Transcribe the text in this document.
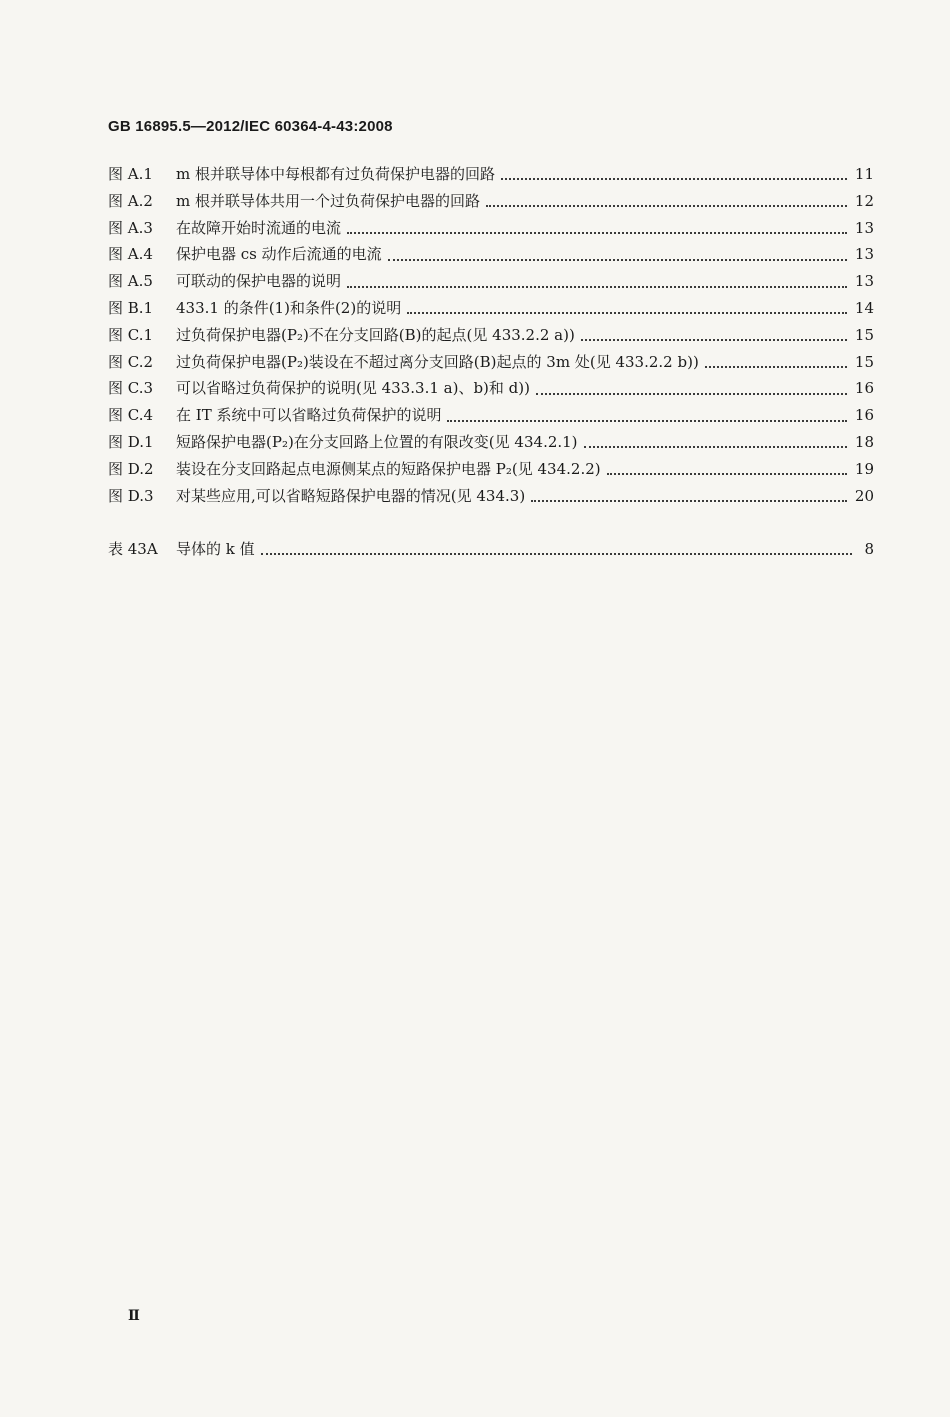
GB 16895.5—2012/IEC 60364-4-43:2008
图 A.1	m 根并联导体中每根都有过负荷保护电器的回路	11
图 A.2	m 根并联导体共用一个过负荷保护电器的回路	12
图 A.3	在故障开始时流通的电流	13
图 A.4	保护电器 cs 动作后流通的电流	13
图 A.5	可联动的保护电器的说明	13
图 B.1	433.1 的条件(1)和条件(2)的说明	14
图 C.1	过负荷保护电器(P₂)不在分支回路(B)的起点(见 433.2.2 a))	15
图 C.2	过负荷保护电器(P₂)装设在不超过离分支回路(B)起点的 3m 处(见 433.2.2 b))	15
图 C.3	可以省略过负荷保护的说明(见 433.3.1 a)、b)和 d))	16
图 C.4	在 IT 系统中可以省略过负荷保护的说明	16
图 D.1	短路保护电器(P₂)在分支回路上位置的有限改变(见 434.2.1)	18
图 D.2	装设在分支回路起点电源侧某点的短路保护电器 P₂(见 434.2.2)	19
图 D.3	对某些应用,可以省略短路保护电器的情况(见 434.3)	20
表 43A	导体的 k 值	8
Ⅱ
